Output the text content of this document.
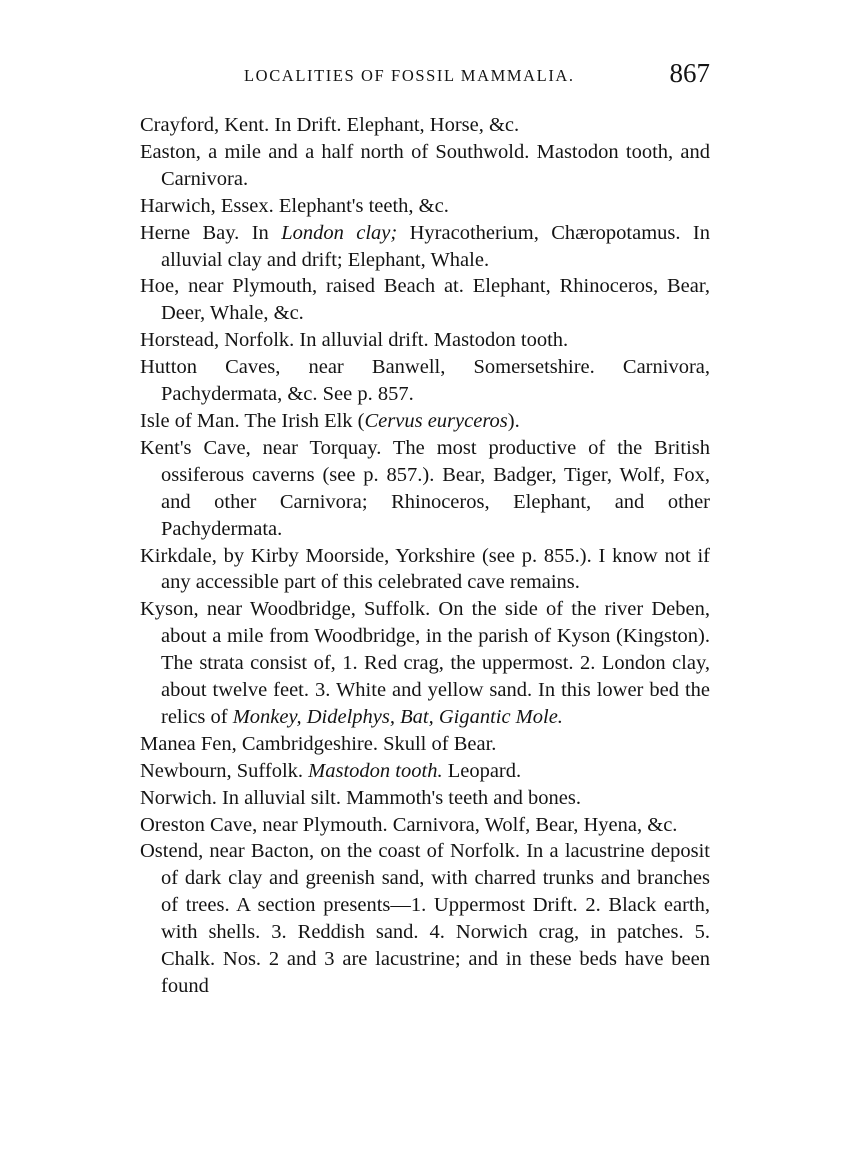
LOCALITIES OF FOSSIL MAMMALIA.	867
Crayford, Kent. In Drift. Elephant, Horse, &c.
Easton, a mile and a half north of Southwold. Mastodon tooth, and Carnivora.
Harwich, Essex. Elephant's teeth, &c.
Herne Bay. In London clay; Hyracotherium, Chæropotamus. In alluvial clay and drift; Elephant, Whale.
Hoe, near Plymouth, raised Beach at. Elephant, Rhinoceros, Bear, Deer, Whale, &c.
Horstead, Norfolk. In alluvial drift. Mastodon tooth.
Hutton Caves, near Banwell, Somersetshire. Carnivora, Pachydermata, &c. See p. 857.
Isle of Man. The Irish Elk (Cervus euryceros).
Kent's Cave, near Torquay. The most productive of the British ossiferous caverns (see p. 857.). Bear, Badger, Tiger, Wolf, Fox, and other Carnivora; Rhinoceros, Elephant, and other Pachydermata.
Kirkdale, by Kirby Moorside, Yorkshire (see p. 855.). I know not if any accessible part of this celebrated cave remains.
Kyson, near Woodbridge, Suffolk. On the side of the river Deben, about a mile from Woodbridge, in the parish of Kyson (Kingston). The strata consist of, 1. Red crag, the uppermost. 2. London clay, about twelve feet. 3. White and yellow sand. In this lower bed the relics of Monkey, Didelphys, Bat, Gigantic Mole.
Manea Fen, Cambridgeshire. Skull of Bear.
Newbourn, Suffolk. Mastodon tooth. Leopard.
Norwich. In alluvial silt. Mammoth's teeth and bones.
Oreston Cave, near Plymouth. Carnivora, Wolf, Bear, Hyena, &c.
Ostend, near Bacton, on the coast of Norfolk. In a lacustrine deposit of dark clay and greenish sand, with charred trunks and branches of trees. A section presents—1. Uppermost Drift. 2. Black earth, with shells. 3. Reddish sand. 4. Norwich crag, in patches. 5. Chalk. Nos. 2 and 3 are lacustrine; and in these beds have been found
